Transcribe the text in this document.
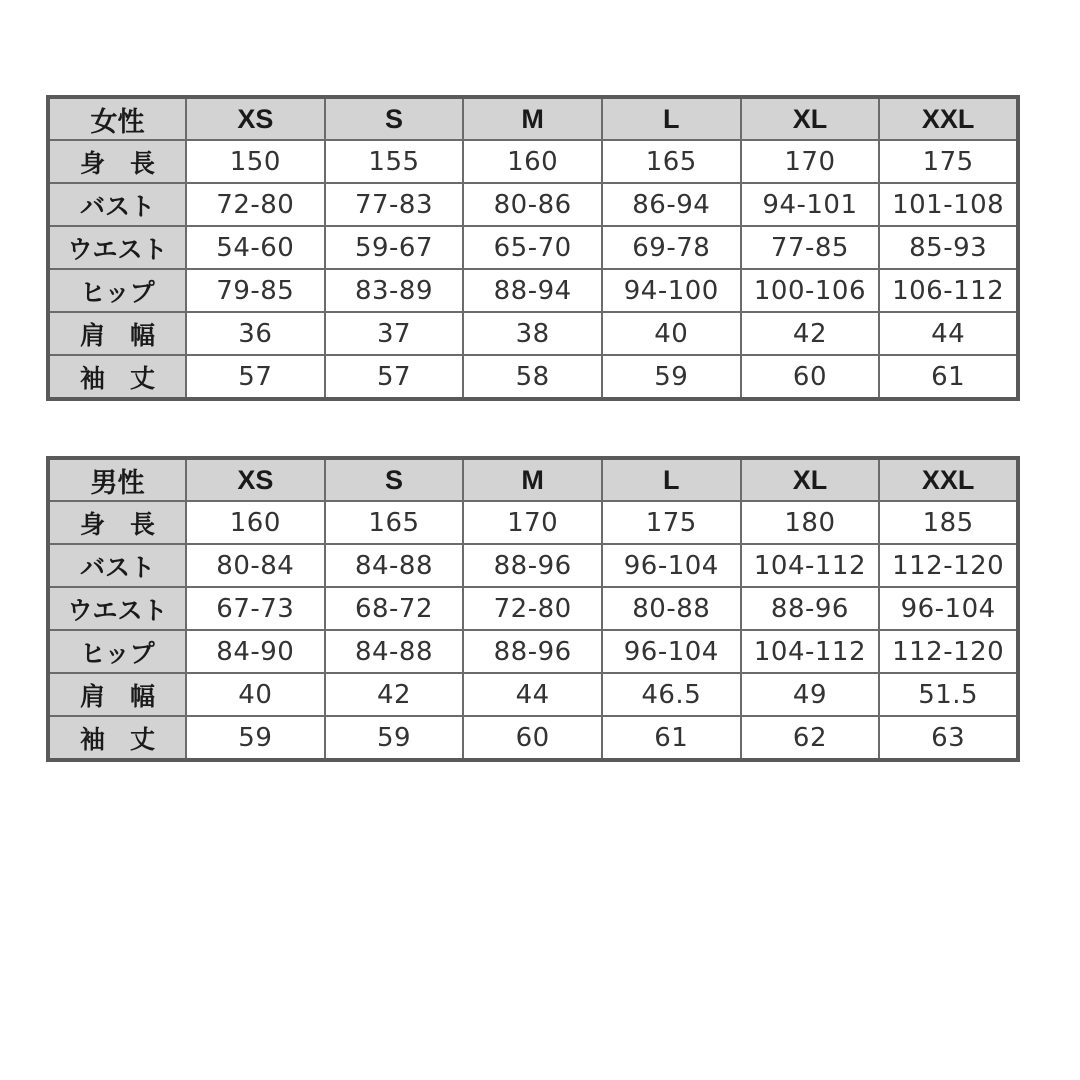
女性	XS	S	M	L	XL	XXL
身　長	150	155	160	165	170	175
バスト	72-80	77-83	80-86	86-94	94-101	101-108
ウエスト	54-60	59-67	65-70	69-78	77-85	85-93
ヒップ	79-85	83-89	88-94	94-100	100-106	106-112
肩　幅	36	37	38	40	42	44
袖　丈	57	57	58	59	60	61
男性	XS	S	M	L	XL	XXL
身　長	160	165	170	175	180	185
バスト	80-84	84-88	88-96	96-104	104-112	112-120
ウエスト	67-73	68-72	72-80	80-88	88-96	96-104
ヒップ	84-90	84-88	88-96	96-104	104-112	112-120
肩　幅	40	42	44	46.5	49	51.5
袖　丈	59	59	60	61	62	63
